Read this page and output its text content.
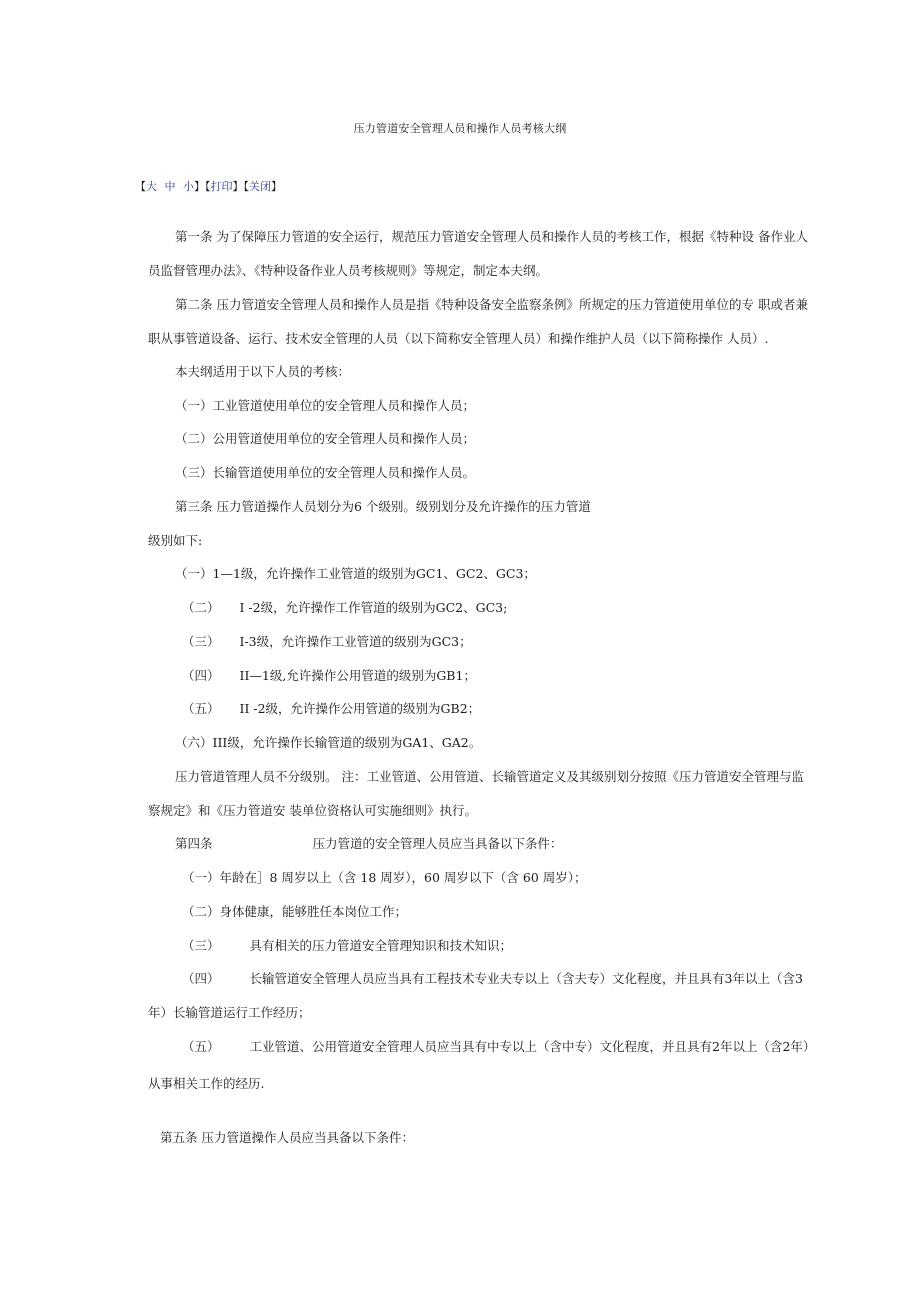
压力管道安全管理人员和操作人员考核大纲
【大 中 小】【打印】【关闭】
第一条 为了保障压力管道的安全运行，规范压力管道安全管理人员和操作人员的考核工作，根据《特种设 备作业人
员监督管理办法》、《特种设备作业人员考核规则》等规定，制定本夫纲。
第二条 压力管道安全管理人员和操作人员是指《特种设备安全监察条例》所规定的压力管道使用单位的专 职或者兼
职从事管道设备、运行、技术安全管理的人员（以下简称安全管理人员）和操作维护人员（以下简称操作 人员）.
本夫纲适用于以下人员的考核：
（一）工业管道使用单位的安全管理人员和操作人员；
（二）公用管道使用单位的安全管理人员和操作人员；
（三）长输管道使用单位的安全管理人员和操作人员。
第三条 压力管道操作人员划分为6 个级别。级别划分及允许操作的压力管道
级别如下:
（一）1—1级，允许操作工业管道的级别为GC1、GC2、GC3；
（二） I -2级，允许操作工作管道的级别为GC2、GC3;
（三） I-3级，允许操作工业管道的级别为GC3；
（四） II—1级,允许操作公用管道的级别为GB1；
（五） II -2级，允许操作公用管道的级别为GB2；
（六）III级，允许操作长输管道的级别为GA1、GA2。
压力管道管理人员不分级别。 注：工业管道、公用管道、长输管道定义及其级别划分按照《压力管道安全管理与监
察规定》和《压力管道安 装单位资格认可实施细则》执行。
第四条	压力管道的安全管理人员应当具备以下条件：
（一）年龄在］8 周岁以上（含 18 周岁），60 周岁以下（含 60 周岁）；
（二）身体健康，能够胜任本岗位工作；
（三） 具有相关的压力管道安全管理知识和技术知识；
（四） 长输管道安全管理人员应当具有工程技术专业夫专以上（含夫专）文化程度，并且具有3年以上（含3
年）长输管道运行工作经历；
（五） 工业管道、公用管道安全管理人员应当具有中专以上（含中专）文化程度，并且具有2年以上（含2年）
从事相关工作的经历.
第五条 压力管道操作人员应当具备以下条件：
